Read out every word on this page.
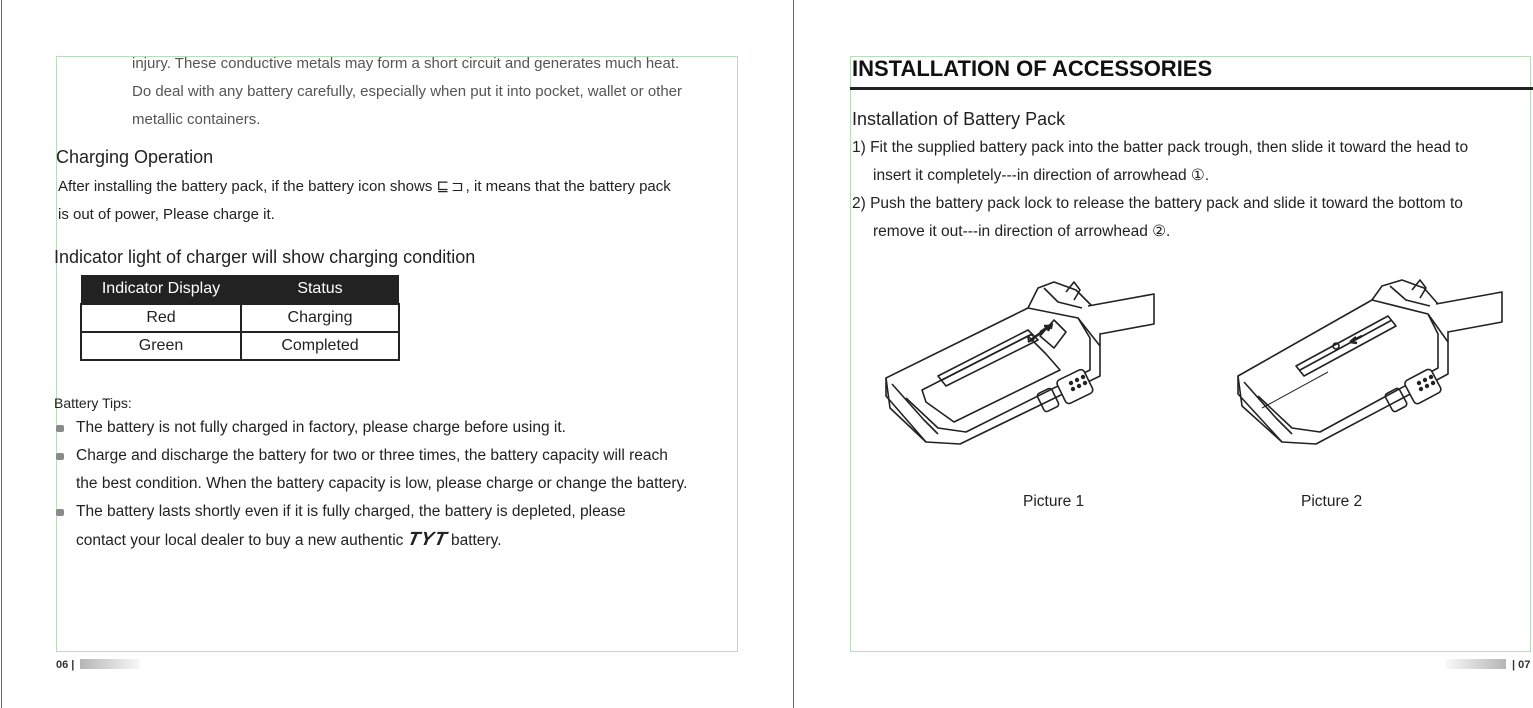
injury. These conductive metals may form a short circuit and generates much heat.
Do deal with any battery carefully, especially when put it into pocket, wallet or other
metallic containers.
Charging Operation
After installing the battery pack, if the battery icon shows ⊑⊐, it means that the battery pack
is out of power, Please charge it.
Indicator light of charger will show charging condition
Indicator Display	Status
Red	Charging
Green	Completed
Battery Tips:
The battery is not fully charged in factory, please charge before using it.
Charge and discharge the battery for two or three times, the battery capacity will reach
the best condition. When the battery capacity is low, please charge or change the battery.
The battery lasts shortly even if it is fully charged, the battery is depleted, please
contact your local dealer to buy a new authentic TYT battery.
06 |
INSTALLATION OF ACCESSORIES
Installation of Battery Pack
1) Fit the supplied battery pack into the batter pack trough, then slide it toward the head to
insert it completely---in direction of arrowhead ①.
2) Push the battery pack lock to release the battery pack and slide it toward the bottom to
remove it out---in direction of arrowhead ②.
Picture 1	Picture 2
| 07
